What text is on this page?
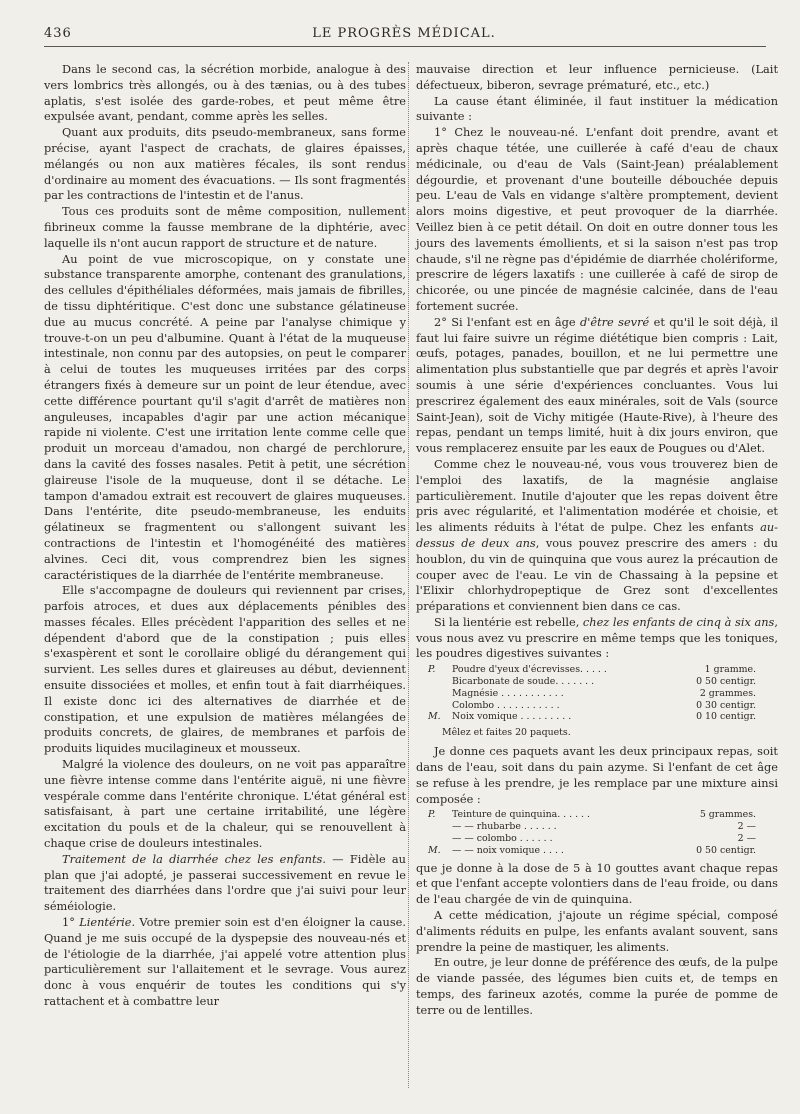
436	LE PROGRÈS MÉDICAL.

Dans le second cas, la sécrétion morbide, analogue à des vers lombrics très allongés, ou à des tænias, ou à des tubes aplatis, s'est isolée des garde-robes, et peut même être expulsée avant, pendant, comme après les selles.

Quant aux produits, dits pseudo-membraneux, sans forme précise, ayant l'aspect de crachats, de glaires épaisses, mélangés ou non aux matières fécales, ils sont rendus d'ordinaire au moment des évacuations. — Ils sont fragmentés par les contractions de l'intestin et de l'anus.

Tous ces produits sont de même composition, nullement fibrineux comme la fausse membrane de la diphtérie, avec laquelle ils n'ont aucun rapport de structure et de nature.

Au point de vue microscopique, on y constate une substance transparente amorphe, contenant des granulations, des cellules d'épithéliales déformées, mais jamais de fibrilles, de tissu diphtéritique. C'est donc une substance gélatineuse due au mucus concrété. A peine par l'analyse chimique y trouve-t-on un peu d'albumine. Quant à l'état de la muqueuse intestinale, non connu par des autopsies, on peut le comparer à celui de toutes les muqueuses irritées par des corps étrangers fixés à demeure sur un point de leur étendue, avec cette différence pourtant qu'il s'agit d'arrêt de matières non anguleuses, incapables d'agir par une action mécanique rapide ni violente. C'est une irritation lente comme celle que produit un morceau d'amadou, non chargé de perchlorure, dans la cavité des fosses nasales. Petit à petit, une sécrétion glaireuse l'isole de la muqueuse, dont il se détache. Le tampon d'amadou extrait est recouvert de glaires muqueuses. Dans l'entérite, dite pseudo-membraneuse, les enduits gélatineux se fragmentent ou s'allongent suivant les contractions de l'intestin et l'homogénéité des matières alvines. Ceci dit, vous comprendrez bien les signes caractéristiques de la diarrhée de l'entérite membraneuse.

Elle s'accompagne de douleurs qui reviennent par crises, parfois atroces, et dues aux déplacements pénibles des masses fécales. Elles précèdent l'apparition des selles et ne dépendent d'abord que de la constipation ; puis elles s'exaspèrent et sont le corollaire obligé du dérangement qui survient. Les selles dures et glaireuses au début, deviennent ensuite dissociées et molles, et enfin tout à fait diarrhéiques. Il existe donc ici des alternatives de diarrhée et de constipation, et une expulsion de matières mélangées de produits concrets, de glaires, de membranes et parfois de produits liquides mucilagineux et mousseux.

Malgré la violence des douleurs, on ne voit pas apparaître une fièvre intense comme dans l'entérite aiguë, ni une fièvre vespérale comme dans l'entérite chronique. L'état général est satisfaisant, à part une certaine irritabilité, une légère excitation du pouls et de la chaleur, qui se renouvellent à chaque crise de douleurs intestinales.

Traitement de la diarrhée chez les enfants. — Fidèle au plan que j'ai adopté, je passerai successivement en revue le traitement des diarrhées dans l'ordre que j'ai suivi pour leur séméiologie.

1° Lientérie. Votre premier soin est d'en éloigner la cause. Quand je me suis occupé de la dyspepsie des nouveau-nés et de l'étiologie de la diarrhée, j'ai appelé votre attention plus particulièrement sur l'allaitement et le sevrage. Vous aurez donc à vous enquérir de toutes les conditions qui s'y rattachent et à combattre leur

mauvaise direction et leur influence pernicieuse. (Lait défectueux, biberon, sevrage prématuré, etc., etc.)

La cause étant éliminée, il faut instituer la médication suivante :

1° Chez le nouveau-né. L'enfant doit prendre, avant et après chaque tétée, une cuillerée à café d'eau de chaux médicinale, ou d'eau de Vals (Saint-Jean) préalablement dégourdie, et provenant d'une bouteille débouchée depuis peu. L'eau de Vals en vidange s'altère promptement, devient alors moins digestive, et peut provoquer de la diarrhée. Veillez bien à ce petit détail. On doit en outre donner tous les jours des lavements émollients, et si la saison n'est pas trop chaude, s'il ne règne pas d'épidémie de diarrhée cholériforme, prescrire de légers laxatifs : une cuillerée à café de sirop de chicorée, ou une pincée de magnésie calcinée, dans de l'eau fortement sucrée.

2° Si l'enfant est en âge d'être sevré et qu'il le soit déjà, il faut lui faire suivre un régime diététique bien compris : Lait, œufs, potages, panades, bouillon, et ne lui permettre une alimentation plus substantielle que par degrés et après l'avoir soumis à une série d'expériences concluantes. Vous lui prescrirez également des eaux minérales, soit de Vals (source Saint-Jean), soit de Vichy mitigée (Haute-Rive), à l'heure des repas, pendant un temps limité, huit à dix jours environ, que vous remplacerez ensuite par les eaux de Pougues ou d'Alet.

Comme chez le nouveau-né, vous vous trouverez bien de l'emploi des laxatifs, de la magnésie anglaise particulièrement. Inutile d'ajouter que les repas doivent être pris avec régularité, et l'alimentation modérée et choisie, et les aliments réduits à l'état de pulpe. Chez les enfants au-dessus de deux ans, vous pouvez prescrire des amers : du houblon, du vin de quinquina que vous aurez la précaution de couper avec de l'eau. Le vin de Chassaing à la pepsine et l'Elixir chlorhydropeptique de Grez sont d'excellentes préparations et conviennent bien dans ce cas.

Si la lientérie est rebelle, chez les enfants de cinq à six ans, vous nous avez vu prescrire en même temps que les toniques, les poudres digestives suivantes :

P.	Poudre d'yeux d'écrevisses. . . . .	1 gramme.
	Bicarbonate de soude. . . . . . .	0 50 centigr.
	Magnésie . . . . . . . . . . .	2 grammes.
	Colombo . . . . . . . . . . .	0 30 centigr.
M.	Noix vomique . . . . . . . . .	0 10 centigr.
Mêlez et faites 20 paquets.

Je donne ces paquets avant les deux principaux repas, soit dans de l'eau, soit dans du pain azyme. Si l'enfant de cet âge se refuse à les prendre, je les remplace par une mixture ainsi composée :

P.	Teinture de quinquina. . . . . .	5 grammes.
	— — rhubarbe . . . . . .	2 —
	— — colombo . . . . . .	2 —
M.	— — noix vomique . . . .	0 50 centigr.

que je donne à la dose de 5 à 10 gouttes avant chaque repas et que l'enfant accepte volontiers dans de l'eau froide, ou dans de l'eau chargée de vin de quinquina.

A cette médication, j'ajoute un régime spécial, composé d'aliments réduits en pulpe, les enfants avalant souvent, sans prendre la peine de mastiquer, les aliments.

En outre, je leur donne de préférence des œufs, de la pulpe de viande passée, des légumes bien cuits et, de temps en temps, des farineux azotés, comme la purée de pomme de terre ou de lentilles.
